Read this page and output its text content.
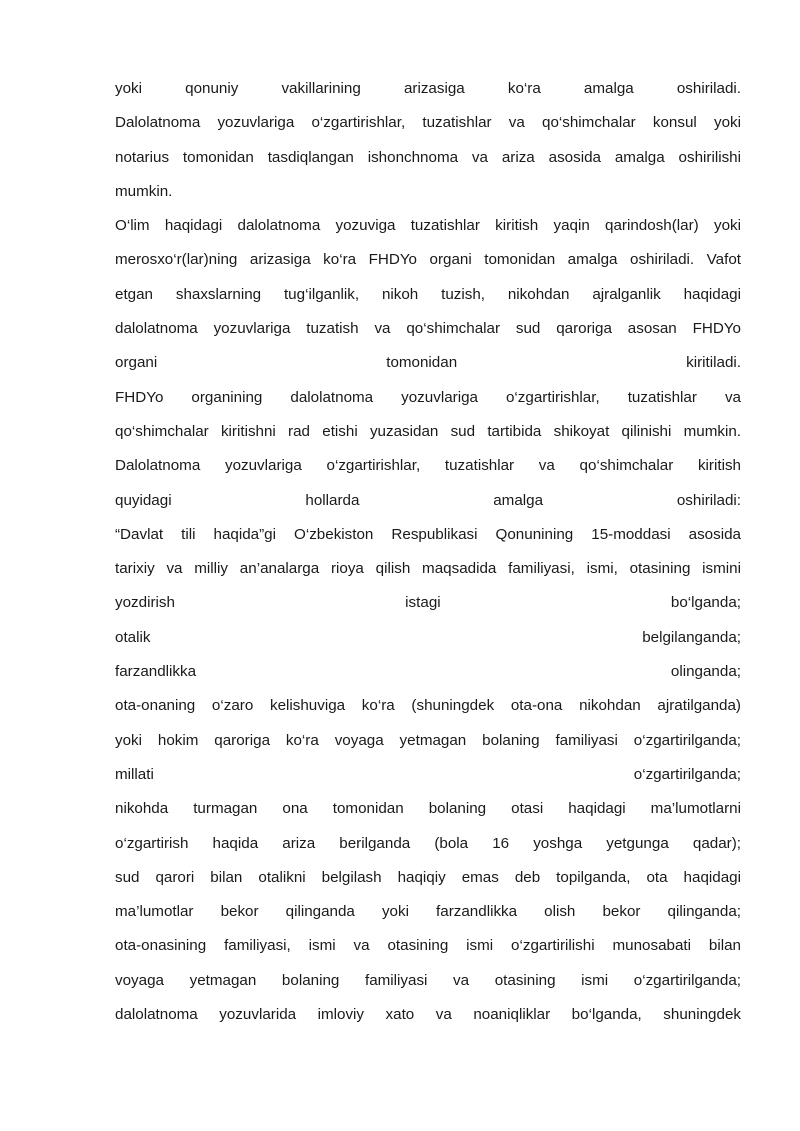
yoki qonuniy vakillarining arizasiga ko‘ra amalga oshiriladi.
Dalolatnoma yozuvlariga o‘zgartirishlar, tuzatishlar va qo‘shimchalar konsul yoki
notarius tomonidan tasdiqlangan ishonchnoma va ariza asosida amalga oshirilishi
mumkin.
O‘lim haqidagi dalolatnoma yozuviga tuzatishlar kiritish yaqin qarindosh(lar) yoki
merosxo‘r(lar)ning arizasiga ko‘ra FHDYo organi tomonidan amalga oshiriladi. Vafot
etgan shaxslarning tug‘ilganlik, nikoh tuzish, nikohdan ajralganlik haqidagi
dalolatnoma yozuvlariga tuzatish va qo‘shimchalar sud qaroriga asosan FHDYo
organi tomonidan kiritiladi.
FHDYo organining dalolatnoma yozuvlariga o‘zgartirishlar, tuzatishlar va
qo‘shimchalar kiritishni rad etishi yuzasidan sud tartibida shikoyat qilinishi mumkin.
Dalolatnoma yozuvlariga o‘zgartirishlar, tuzatishlar va qo‘shimchalar kiritish
quyidagi hollarda amalga oshiriladi:
“Davlat tili haqida”gi O‘zbekiston Respublikasi Qonunining 15-moddasi asosida
tarixiy va milliy an’analarga rioya qilish maqsadida familiyasi, ismi, otasining ismini
yozdirish istagi bo‘lganda;
otalik belgilanganda;
farzandlikka olinganda;
ota-onaning o‘zaro kelishuviga ko‘ra (shuningdek ota-ona nikohdan ajratilganda)
yoki hokim qaroriga ko‘ra voyaga yetmagan bolaning familiyasi o‘zgartirilganda;
millati o‘zgartirilganda;
nikohda turmagan ona tomonidan bolaning otasi haqidagi ma’lumotlarni
o‘zgartirish haqida ariza berilganda (bola 16 yoshga yetgunga qadar);
sud qarori bilan otalikni belgilash haqiqiy emas deb topilganda, ota haqidagi
ma’lumotlar bekor qilinganda yoki farzandlikka olish bekor qilinganda;
ota-onasining familiyasi, ismi va otasining ismi o‘zgartirilishi munosabati bilan
voyaga yetmagan bolaning familiyasi va otasining ismi o‘zgartirilganda;
dalolatnoma yozuvlarida imloviy xato va noaniqliklar bo‘lganda, shuningdek
